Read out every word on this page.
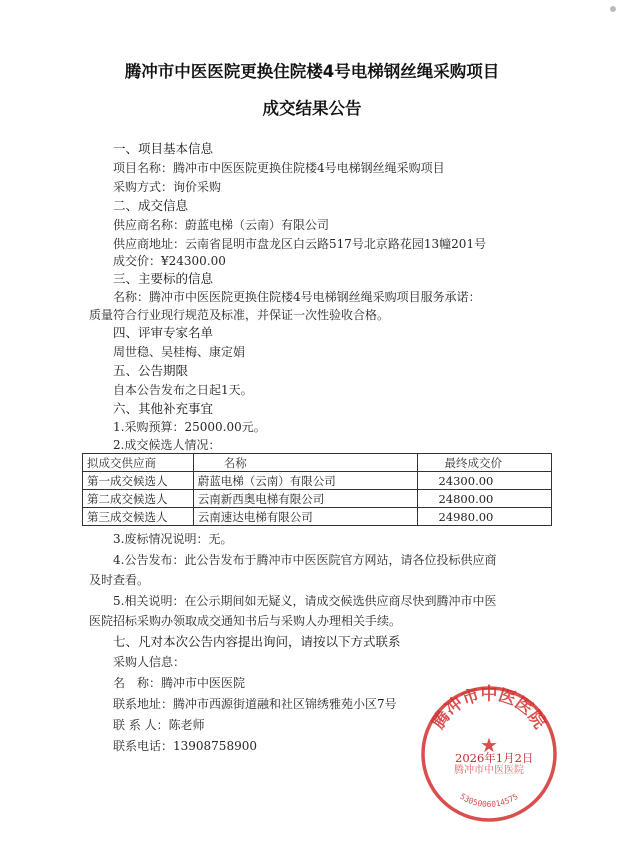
腾冲市中医医院更换住院楼4号电梯钢丝绳采购项目
成交结果公告
一、项目基本信息
项目名称：腾冲市中医医院更换住院楼4号电梯钢丝绳采购项目
采购方式：询价采购
二、成交信息
供应商名称：蔚蓝电梯（云南）有限公司
供应商地址：云南省昆明市盘龙区白云路517号北京路花园13幢201号
成交价：¥24300.00
三、主要标的信息
名称：腾冲市中医医院更换住院楼4号电梯钢丝绳采购项目服务承诺：
质量符合行业现行规范及标准，并保证一次性验收合格。
四、评审专家名单
周世稳、吴桂梅、康定娟
五、公告期限
自本公告发布之日起1天。
六、其他补充事宜
1.采购预算：25000.00元。
2.成交候选人情况：
拟成交供应商	名称	最终成交价
第一成交候选人	蔚蓝电梯（云南）有限公司	24300.00
第二成交候选人	云南新西奥电梯有限公司	24800.00
第三成交候选人	云南速达电梯有限公司	24980.00
3.废标情况说明：无。
4.公告发布：此公告发布于腾冲市中医医院官方网站，请各位投标供应商
及时查看。
5.相关说明：在公示期间如无疑义，请成交候选供应商尽快到腾冲市中医
医院招标采购办领取成交通知书后与采购人办理相关手续。
七、凡对本次公告内容提出询问，请按以下方式联系
采购人信息：
名　称：腾冲市中医医院
联系地址：腾冲市西源街道融和社区锦绣雅苑小区7号
联 系 人：陈老师
联系电话：13908758900
腾冲市中医医院
★
腾冲市中医医院
5305006014575
2026年1月2日
